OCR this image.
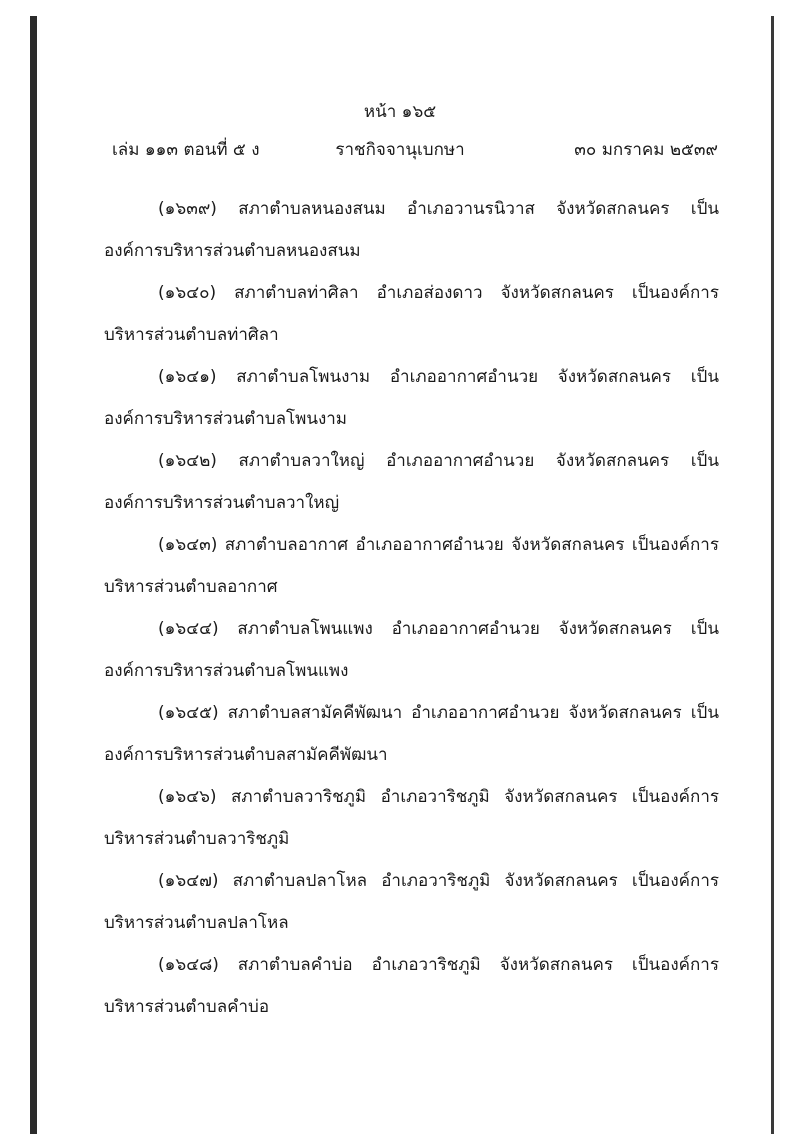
หน้า ๑๖๕
เล่ม ๑๑๓ ตอนที่ ๕ ง	ราชกิจจานุเบกษา	๓๐ มกราคม ๒๕๓๙
(๑๖๓๙) สภาตำบลหนองสนม อำเภอวานรนิวาส จังหวัดสกลนคร เป็น
องค์การบริหารส่วนตำบลหนองสนม
(๑๖๔๐) สภาตำบลท่าศิลา อำเภอส่องดาว จังหวัดสกลนคร เป็นองค์การ
บริหารส่วนตำบลท่าศิลา
(๑๖๔๑) สภาตำบลโพนงาม อำเภออากาศอำนวย จังหวัดสกลนคร เป็น
องค์การบริหารส่วนตำบลโพนงาม
(๑๖๔๒) สภาตำบลวาใหญ่ อำเภออากาศอำนวย จังหวัดสกลนคร เป็น
องค์การบริหารส่วนตำบลวาใหญ่
(๑๖๔๓) สภาตำบลอากาศ อำเภออากาศอำนวย จังหวัดสกลนคร เป็นองค์การ
บริหารส่วนตำบลอากาศ
(๑๖๔๔) สภาตำบลโพนแพง อำเภออากาศอำนวย จังหวัดสกลนคร เป็น
องค์การบริหารส่วนตำบลโพนแพง
(๑๖๔๕) สภาตำบลสามัคคีพัฒนา อำเภออากาศอำนวย จังหวัดสกลนคร เป็น
องค์การบริหารส่วนตำบลสามัคคีพัฒนา
(๑๖๔๖) สภาตำบลวาริชภูมิ อำเภอวาริชภูมิ จังหวัดสกลนคร เป็นองค์การ
บริหารส่วนตำบลวาริชภูมิ
(๑๖๔๗) สภาตำบลปลาโหล อำเภอวาริชภูมิ จังหวัดสกลนคร เป็นองค์การ
บริหารส่วนตำบลปลาโหล
(๑๖๔๘) สภาตำบลคำบ่อ อำเภอวาริชภูมิ จังหวัดสกลนคร เป็นองค์การ
บริหารส่วนตำบลคำบ่อ
